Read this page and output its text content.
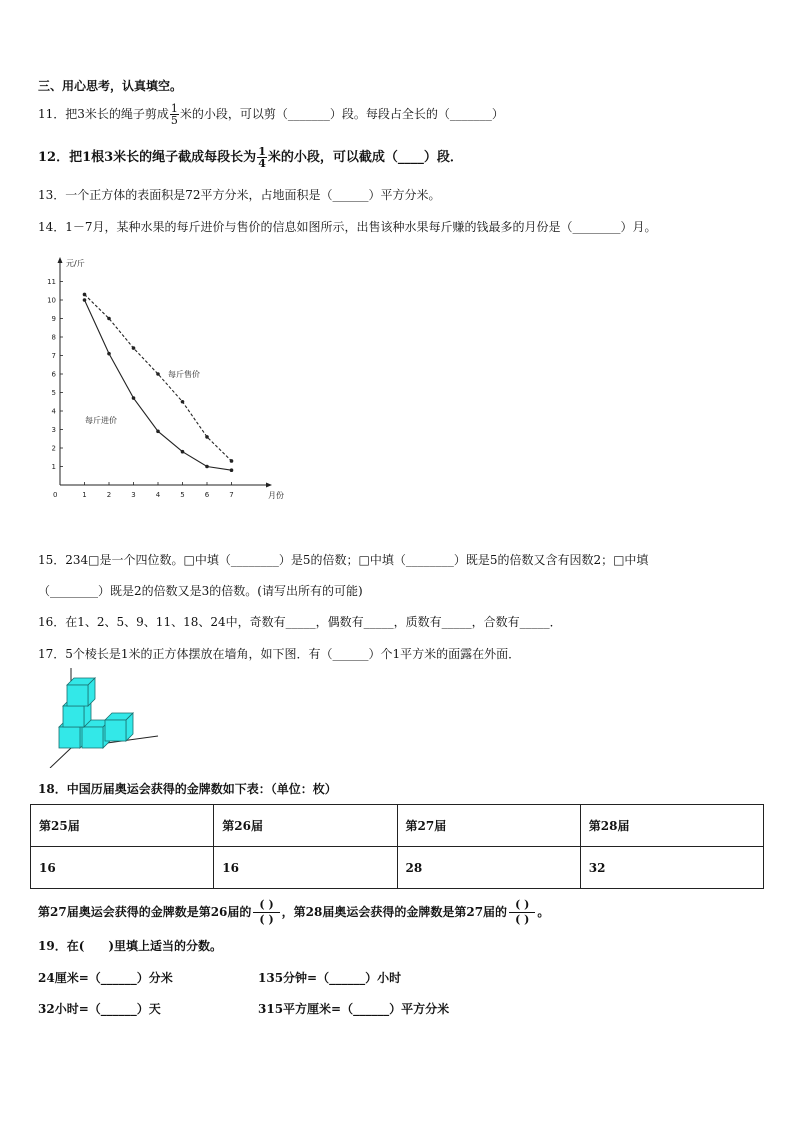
三、用心思考，认真填空。
11．把3米长的绳子剪成 $\frac{1}{5}$ 米的小段，可以剪（_______）段。每段占全长的（_______）
12．把1根3米长的绳子截成每段长为 $\frac{1}{4}$ 米的小段，可以截成（____）段．
13．一个正方体的表面积是72平方分米，占地面积是（______）平方分米。
14．1－7月，某种水果的每斤进价与售价的信息如图所示，出售该种水果每斤赚的钱最多的月份是（________）月。
元/斤
月份
0
1
2
3
4
5
6
7
8
9
10
11
1	2	3	4	5	6	7
每斤售价
每斤进价
15．234□是一个四位数。□中填（________）是5的倍数；□中填（________）既是5的倍数又含有因数2；□中填
（________）既是2的倍数又是3的倍数。(请写出所有的可能)
16．在1、2、5、9、11、18、24中，奇数有_____，偶数有_____，质数有_____，合数有_____．
17．5个棱长是1米的正方体摆放在墙角，如下图．有（______）个1平方米的面露在外面．
18．中国历届奥运会获得的金牌数如下表：（单位：枚）
第25届	第26届	第27届	第28届
16	16	28	32
第27届奥运会获得的金牌数是第26届的 $\frac{( )}{( )}$ ，第28届奥运会获得的金牌数是第27届的 $\frac{( )}{( )}$ 。
19．在(　　)里填上适当的分数。
24厘米=（______）分米	135分钟=（______）小时
32小时=（______）天	315平方厘米=（______）平方分米
